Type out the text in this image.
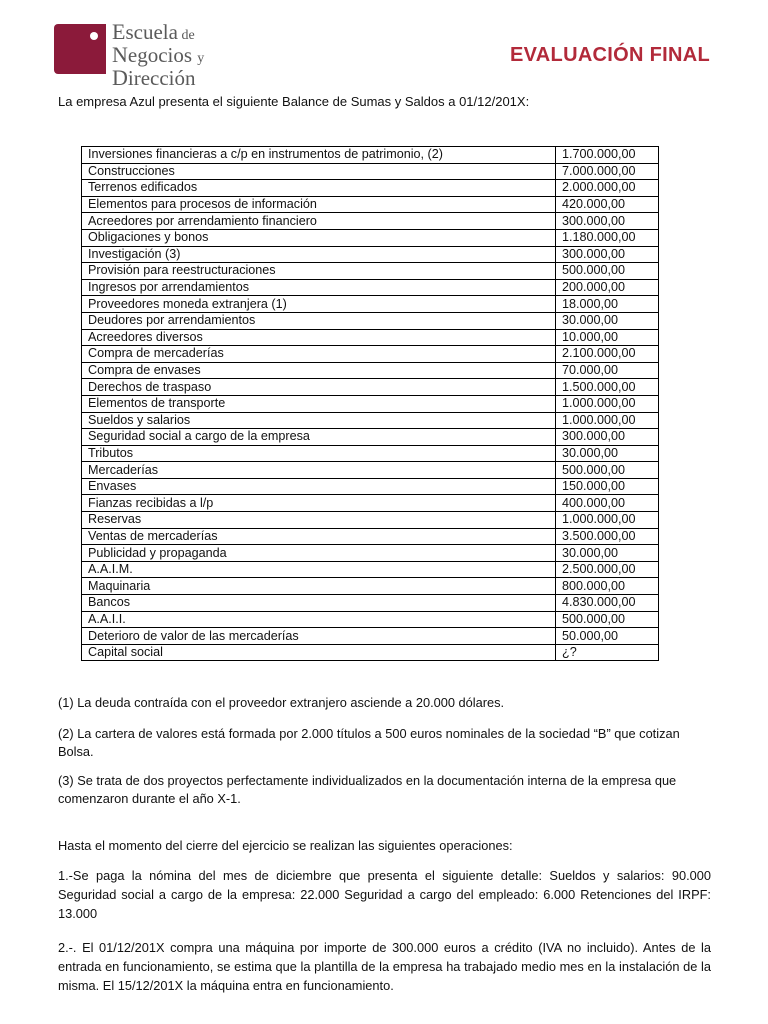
Escuela de
Negocios y
Dirección
EVALUACIÓN FINAL
La empresa Azul presenta el siguiente Balance de Sumas y Saldos a 01/12/201X:
Inversiones financieras a c/p en instrumentos de patrimonio, (2)	1.700.000,00
Construcciones	7.000.000,00
Terrenos edificados	2.000.000,00
Elementos para procesos de información	420.000,00
Acreedores por arrendamiento financiero	300.000,00
Obligaciones y bonos	1.180.000,00
Investigación (3)	300.000,00
Provisión para reestructuraciones	500.000,00
Ingresos por arrendamientos	200.000,00
Proveedores moneda extranjera (1)	18.000,00
Deudores por arrendamientos	30.000,00
Acreedores diversos	10.000,00
Compra de mercaderías	2.100.000,00
Compra de envases	70.000,00
Derechos de traspaso	1.500.000,00
Elementos de transporte	1.000.000,00
Sueldos y salarios	1.000.000,00
Seguridad social a cargo de la empresa	300.000,00
Tributos	30.000,00
Mercaderías	500.000,00
Envases	150.000,00
Fianzas recibidas a l/p	400.000,00
Reservas	1.000.000,00
Ventas de mercaderías	3.500.000,00
Publicidad y propaganda	30.000,00
A.A.I.M.	2.500.000,00
Maquinaria	800.000,00
Bancos	4.830.000,00
A.A.I.I.	500.000,00
Deterioro de valor de las mercaderías	50.000,00
Capital social	¿?
(1) La deuda contraída con el proveedor extranjero asciende a 20.000 dólares.
(2) La cartera de valores está formada por 2.000 títulos a 500 euros nominales de la sociedad “B” que cotizan Bolsa.
(3) Se trata de dos proyectos perfectamente individualizados en la documentación interna de la empresa que comenzaron durante el año X-1.
Hasta el momento del cierre del ejercicio se realizan las siguientes operaciones:
1.-Se paga la nómina del mes de diciembre que presenta el siguiente detalle: Sueldos y salarios: 90.000 Seguridad social a cargo de la empresa: 22.000 Seguridad a cargo del empleado: 6.000 Retenciones del IRPF: 13.000
2.-. El 01/12/201X compra una máquina por importe de 300.000 euros a crédito (IVA no incluido). Antes de la entrada en funcionamiento, se estima que la plantilla de la empresa ha trabajado medio mes en la instalación de la misma. El 15/12/201X la máquina entra en funcionamiento.
